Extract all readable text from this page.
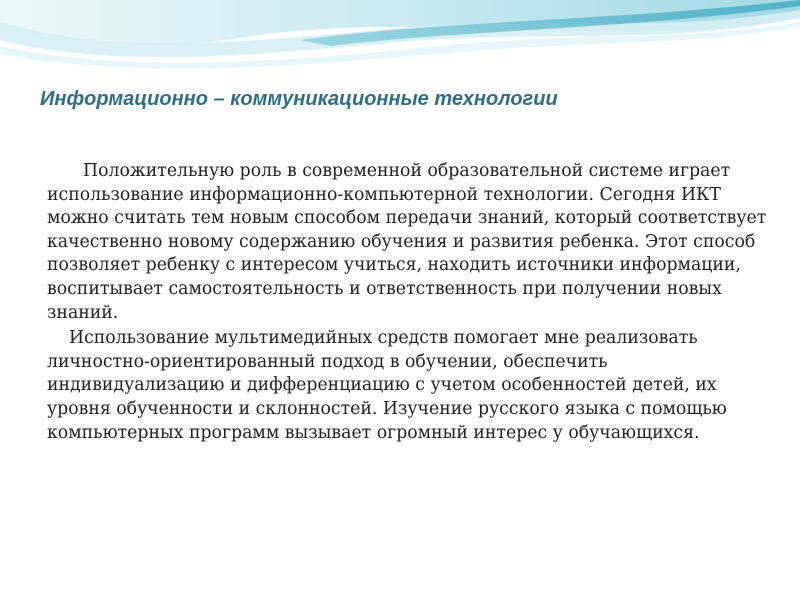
Информационно – коммуникационные технологии

Положительную роль в современной образовательной системе играет использование информационно-компьютерной технологии. Сегодня ИКТ можно считать тем новым способом передачи знаний, который соответствует качественно новому содержанию обучения и развития ребенка. Этот способ позволяет ребенку с интересом учиться, находить источники информации, воспитывает самостоятельность и ответственность при получении новых знаний.

Использование мультимедийных средств помогает мне реализовать личностно-ориентированный подход в обучении, обеспечить индивидуализацию и дифференциацию с учетом особенностей детей, их уровня обученности и склонностей. Изучение русского языка с помощью компьютерных программ вызывает огромный интерес у обучающихся.
